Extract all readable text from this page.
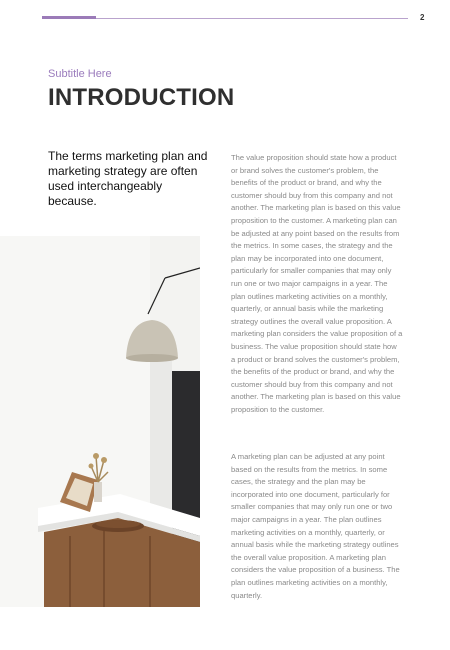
2
Subtitle Here
INTRODUCTION
The terms marketing plan and marketing strategy are often used interchangeably because.
The value proposition should state how a product or brand solves the customer's problem, the benefits of the product or brand, and why the customer should buy from this company and not another. The marketing plan is based on this value proposition to the customer. A marketing plan can be adjusted at any point based on the results from the metrics. In some cases, the strategy and the plan may be incorporated into one document, particularly for smaller companies that may only run one or two major campaigns in a year. The plan outlines marketing activities on a monthly, quarterly, or annual basis while the marketing strategy outlines the overall value proposition. A marketing plan considers the value proposition of a business. The value proposition should state how a product or brand solves the customer's problem, the benefits of the product or brand, and why the customer should buy from this company and not another. The marketing plan is based on this value proposition to the customer.
A marketing plan can be adjusted at any point based on the results from the metrics. In some cases, the strategy and the plan may be incorporated into one document, particularly for smaller companies that may only run one or two major campaigns in a year. The plan outlines marketing activities on a monthly, quarterly, or annual basis while the marketing strategy outlines the overall value proposition. A marketing plan considers the value proposition of a business. The plan outlines marketing activities on a monthly, quarterly.
